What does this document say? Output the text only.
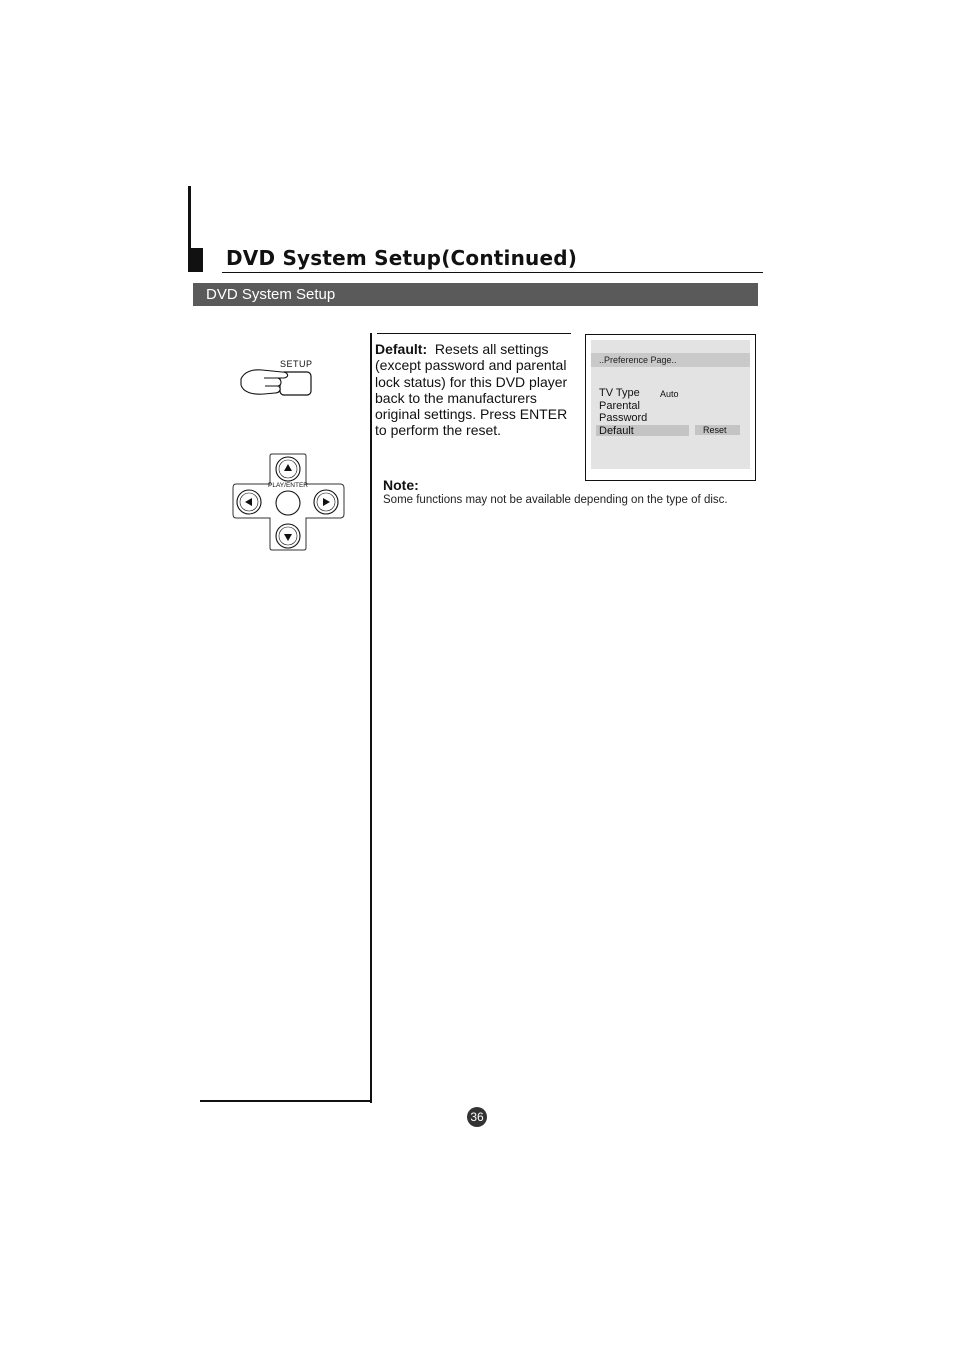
DVD System Setup(Continued)
DVD System Setup
SETUP
PLAY/ENTER
Default: Resets all settings (except password and parental lock status) for this DVD player back to the manufacturers original settings. Press ENTER to perform the reset.
..Preference Page..
TV Type Auto
Parental
Password
Default	Reset
Note:
Some functions may not be available depending on the type of disc.
36
